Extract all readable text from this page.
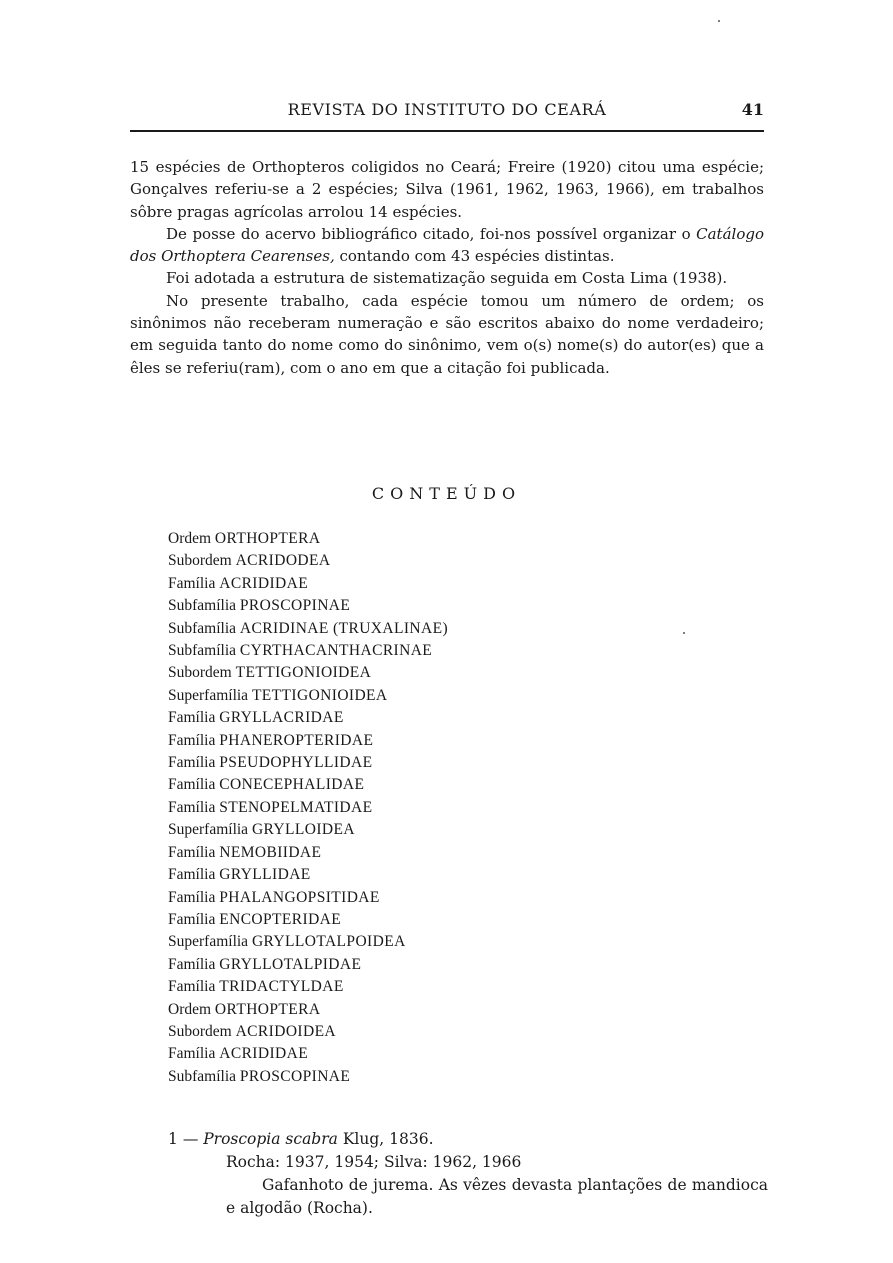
REVISTA DO INSTITUTO DO CEARÁ	41

15 espécies de Orthopteros coligidos no Ceará; Freire (1920) citou uma espécie; Gonçalves referiu-se a 2 espécies; Silva (1961, 1962, 1963, 1966), em trabalhos sôbre pragas agrícolas arrolou 14 espécies.

De posse do acervo bibliográfico citado, foi-nos possível organizar o Catálogo dos Orthoptera Cearenses, contando com 43 espécies distintas.

Foi adotada a estrutura de sistematização seguida em Costa Lima (1938).

No presente trabalho, cada espécie tomou um número de ordem; os sinônimos não receberam numeração e são escritos abaixo do nome verdadeiro; em seguida tanto do nome como do sinônimo, vem o(s) nome(s) do autor(es) que a êles se referiu(ram), com o ano em que a citação foi publicada.

CONTEÚDO
Ordem ORTHOPTERA
Subordem ACRIDODEA
Família ACRIDIDAE
Subfamília PROSCOPINAE
Subfamília ACRIDINAE (TRUXALINAE)
Subfamília CYRTHACANTHACRINAE
Subordem TETTIGONIOIDEA
Superfamília TETTIGONIOIDEA
Família GRYLLACRIDAE
Família PHANEROPTERIDAE
Família PSEUDOPHYLLIDAE
Família CONECEPHALIDAE
Família STENOPELMATIDAE
Superfamília GRYLLOIDEA
Família NEMOBIIDAE
Família GRYLLIDAE
Família PHALANGOPSITIDAE
Família ENCOPTERIDAE
Superfamília GRYLLOTALPOIDEA
Família GRYLLOTALPIDAE
Família TRIDACTYLDAE
Ordem ORTHOPTERA
Subordem ACRIDOIDEA
Família ACRIDIDAE
Subfamília PROSCOPINAE
1 — Proscopia scabra Klug, 1836.
Rocha: 1937, 1954; Silva: 1962, 1966
Gafanhoto de jurema. As vêzes devasta plantações de mandioca e algodão (Rocha).
